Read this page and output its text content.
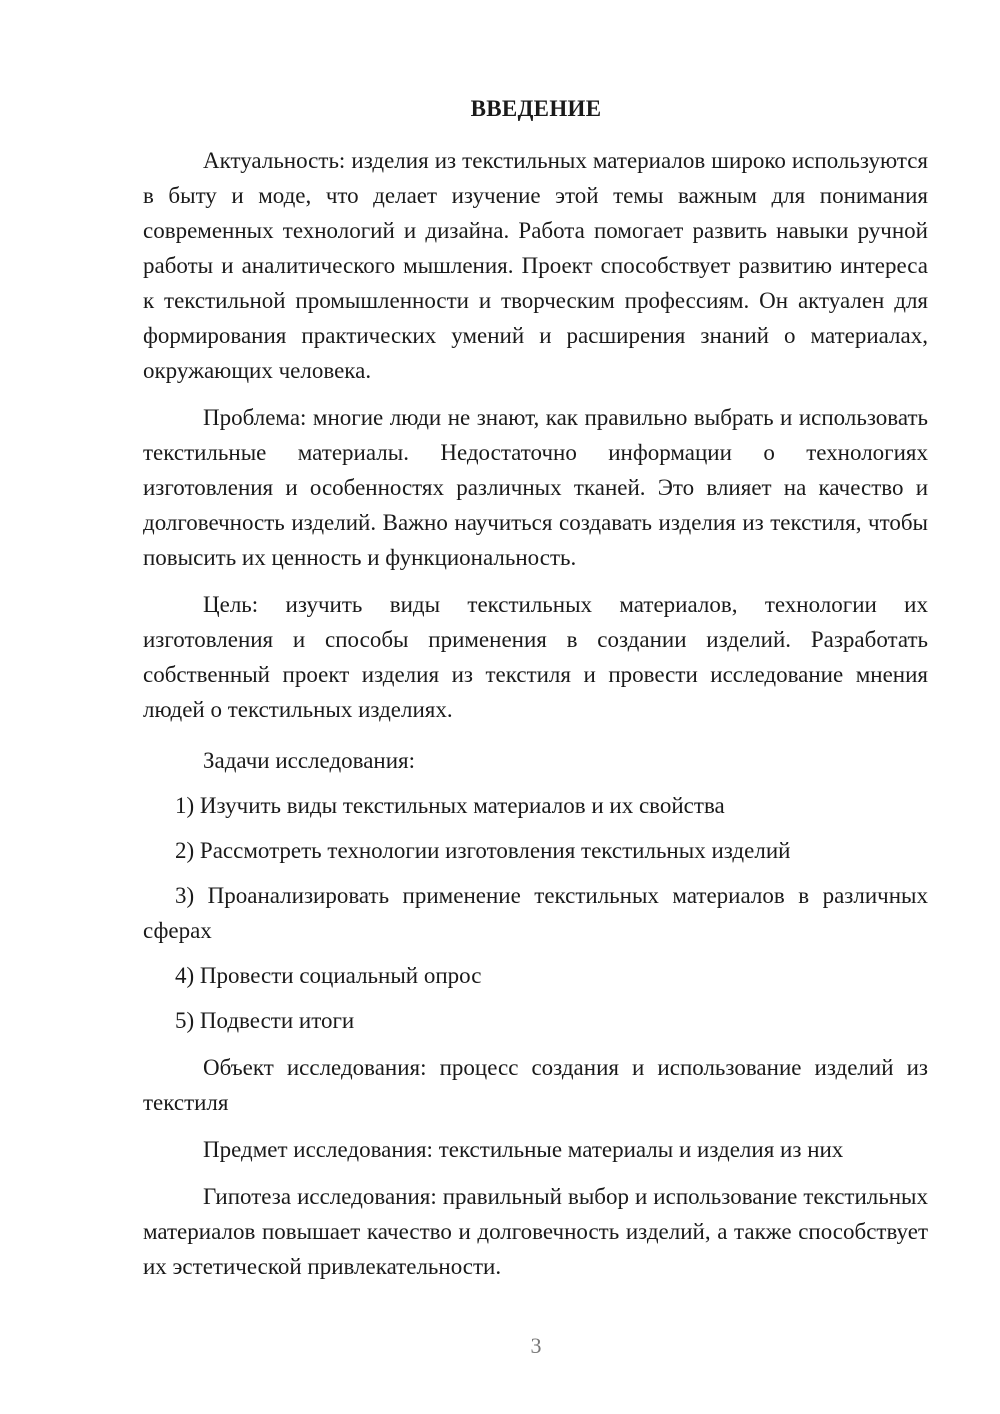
ВВЕДЕНИЕ

Актуальность: изделия из текстильных материалов широко используются в быту и моде, что делает изучение этой темы важным для понимания современных технологий и дизайна. Работа помогает развить навыки ручной работы и аналитического мышления. Проект способствует развитию интереса к текстильной промышленности и творческим профессиям. Он актуален для формирования практических умений и расширения знаний о материалах, окружающих человека.

Проблема: многие люди не знают, как правильно выбрать и использовать текстильные материалы. Недостаточно информации о технологиях изготовления и особенностях различных тканей. Это влияет на качество и долговечность изделий. Важно научиться создавать изделия из текстиля, чтобы повысить их ценность и функциональность.

Цель: изучить виды текстильных материалов, технологии их изготовления и способы применения в создании изделий. Разработать собственный проект изделия из текстиля и провести исследование мнения людей о текстильных изделиях.

Задачи исследования:

1) Изучить виды текстильных материалов и их свойства

2) Рассмотреть технологии изготовления текстильных изделий

3) Проанализировать применение текстильных материалов в различных сферах

4) Провести социальный опрос

5) Подвести итоги

Объект исследования: процесс создания и использование изделий из текстиля

Предмет исследования: текстильные материалы и изделия из них

Гипотеза исследования: правильный выбор и использование текстильных материалов повышает качество и долговечность изделий, а также способствует их эстетической привлекательности.

3
